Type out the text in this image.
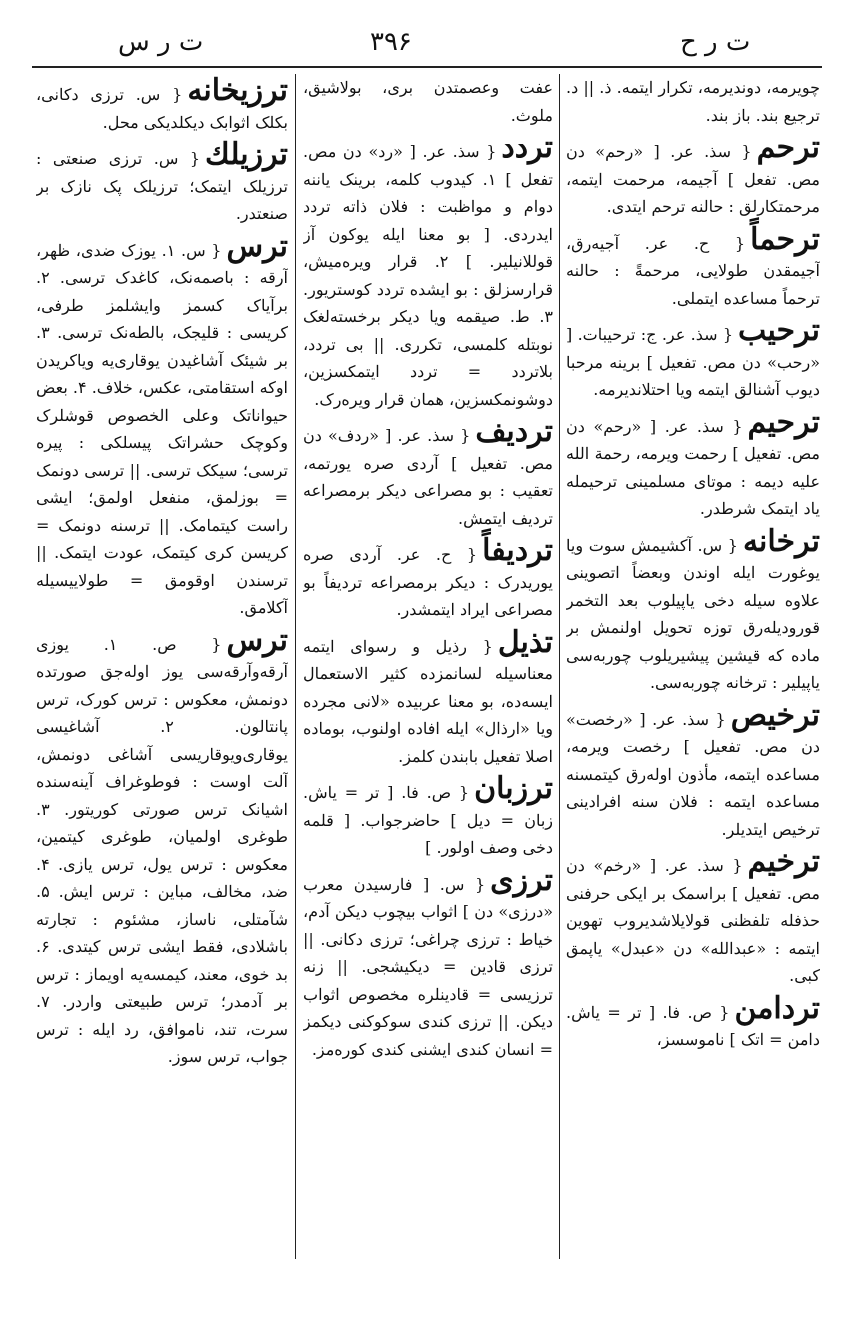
ت ر س	۳۹۶	ت ر ح
چویرمه، دوندیرمه، تکرار ایتمه. ذ. || د. ترجیع بند. باز بند.
ترحم{ سذ. عر. [ «رحم» دن مص. تفعل ] آجیمه، مرحمت ایتمه، مرحمتکارلق : حالنه ترحم ایتدی.
ترحماً{ ح. عر. آجیه‌رق، آجیمقدن طولایی، مرحمةً : حالنه ترحماً مساعده ایتملی.
ترحیب{ سذ. عر. ج: ترحیبات. [ «رحب» دن مص. تفعیل ] برینه مرحبا دیوب آشنالق ایتمه ویا احتلاندیرمه.
ترحیم{ سذ. عر. [ «رحم» دن مص. تفعیل ] رحمت ویرمه، رحمة الله علیه دیمه : موتای مسلمینی ترحیمله یاد ایتمک شرطدر.
ترخانه{ س. آکشیمش سوت ویا یوغورت ایله اوندن وبعضاً اتصوینی علاوه سیله دخی یاپیلوب بعد التخمر قورودیله‌رق توزه تحویل اولنمش بر ماده که قیشین پیشیریلوب چوربه‌سی یاپیلیر : ترخانه چوربه‌سی.
ترخیص{ سذ. عر. [ «رخصت» دن مص. تفعیل ] رخصت ویرمه، مساعده ایتمه، مأذون اوله‌رق کیتمسنه مساعده ایتمه : فلان سنه افرادینی ترخیص ایتدیلر.
ترخیم{ سذ. عر. [ «رخم» دن مص. تفعیل ] براسمک بر ایکی حرفنی حذفله تلفظنی قولایلاشدیروب تهوین ایتمه : «عبدالله» دن «عبدل» یاپمق کبی.
تردامن{ ص. فا. [ تر = یاش. دامن = اتک ] ناموسسز،
عفت وعصمتدن بری، بولاشیق، ملوث.
تردد{ سذ. عر. [ «رد» دن مص. تفعل ] ۱. کیدوب کلمه، برینک یاننه دوام و مواظبت : فلان ذاته تردد ایدردی. [ بو معنا ایله یوکون آز قوللانیلیر. ] ۲. قرار ویره‌میش، قرارسزلق : بو ایشده تردد کوستریور. ۳. ط. صیقمه ویا دیکر برخسته‌لغک نوبتله کلمسی، تکرری. || بی تردد، بلاتردد = تردد ایتمکسزین، دوشونمکسزین، همان قرار ویره‌رک.
تردیف{ سذ. عر. [ «ردف» دن مص. تفعیل ] آردی صره یورتمه، تعقیب : بو مصراعی دیکر برمصراعه تردیف ایتمش.
تردیفاً{ ح. عر. آردی صره یوریدرک : دیکر برمصراعه تردیفاً بو مصراعی ایراد ایتمشدر.
تذیل{ رذیل و رسوای ایتمه معناسیله لسانمزده کثیر الاستعمال ایسه‌ده، بو معنا عربیده‌ «لانی مجرده ویا «ارذال» ایله افاده اولنوب، بوماده اصلا تفعیل بابندن کلمز.
ترزبان{ ص. فا. [ تر = یاش. زبان = دیل ] حاضرجواب. [ قلمه دخی وصف اولور. ]
ترزی{ س. [ فارسیدن معرب «درزی» دن ] اثواب بیچوب دیکن آدم، خیاط : ترزی چراغی؛ ترزی دکانی. || ترزی قادین = دیکیشجی. || زنه ترزیسی = قادینلره مخصوص اثواب دیکن. || ترزی کندی سوکوکنی دیکمز = انسان کندی ایشنی کندی کوره‌مز.
ترزیخانه{ س. ترزی دکانی، بکلک اثوابک دیکلدیکی محل.
ترزیلك{ س. ترزی صنعتی : ترزیلک ایتمک؛ ترزیلک پک نازک بر صنعتدر.
ترس{ س. ۱. یوزک ضدی، ظهر، آرقه : باصمه‌نک، کاغدک ترسی. ۲. برآیاک کسمز وایشلمز طرفی، کریسی : قلیجک، بالطه‌نک ترسی. ۳. بر شیئک آشاغیدن یوقاری‌یه ویاکریدن اوکه استقامتی، عکس، خلاف. ۴. بعض حیواناتک وعلی الخصوص قوشلرک وکوچک حشراتک پیسلکی : پیره ترسی؛ سیکک ترسی. || ترسی دونمک = بوزلمق، منفعل اولمق؛ ایشی راست کیتمامک. || ترسنه دونمک = کریسن کری کیتمک، عودت ایتمک. || ترسندن اوقومق = طولاییسیله آکلامق.
ترس{ ص. ۱. یوزی آرقه‌وآرقه‌سی یوز اوله‌جق صورتده دونمش، معکوس : ترس کورک، ترس پانتالون. ۲. آشاغیسی یوقاری‌ویوقاریسی آشاغی دونمش، آلت اوست : فوطوغراف آینه‌سنده اشیانک ترس صورتی کوریتور. ۳. طوغری اولمیان، طوغری کیتمین، معکوس : ترس یول، ترس یازی. ۴. ضد، مخالف، مباین : ترس ایش. ۵. شآمتلی، ناساز، مشئوم : تجارته باشلادی، فقط ایشی ترس کیتدی. ۶. بد خوی، معند، کیمسه‌یه اویماز : ترس بر آدمدر؛ ترس طبیعتی واردر. ۷. سرت، تند، ناموافق، رد ایله : ترس جواب، ترس سوز.
